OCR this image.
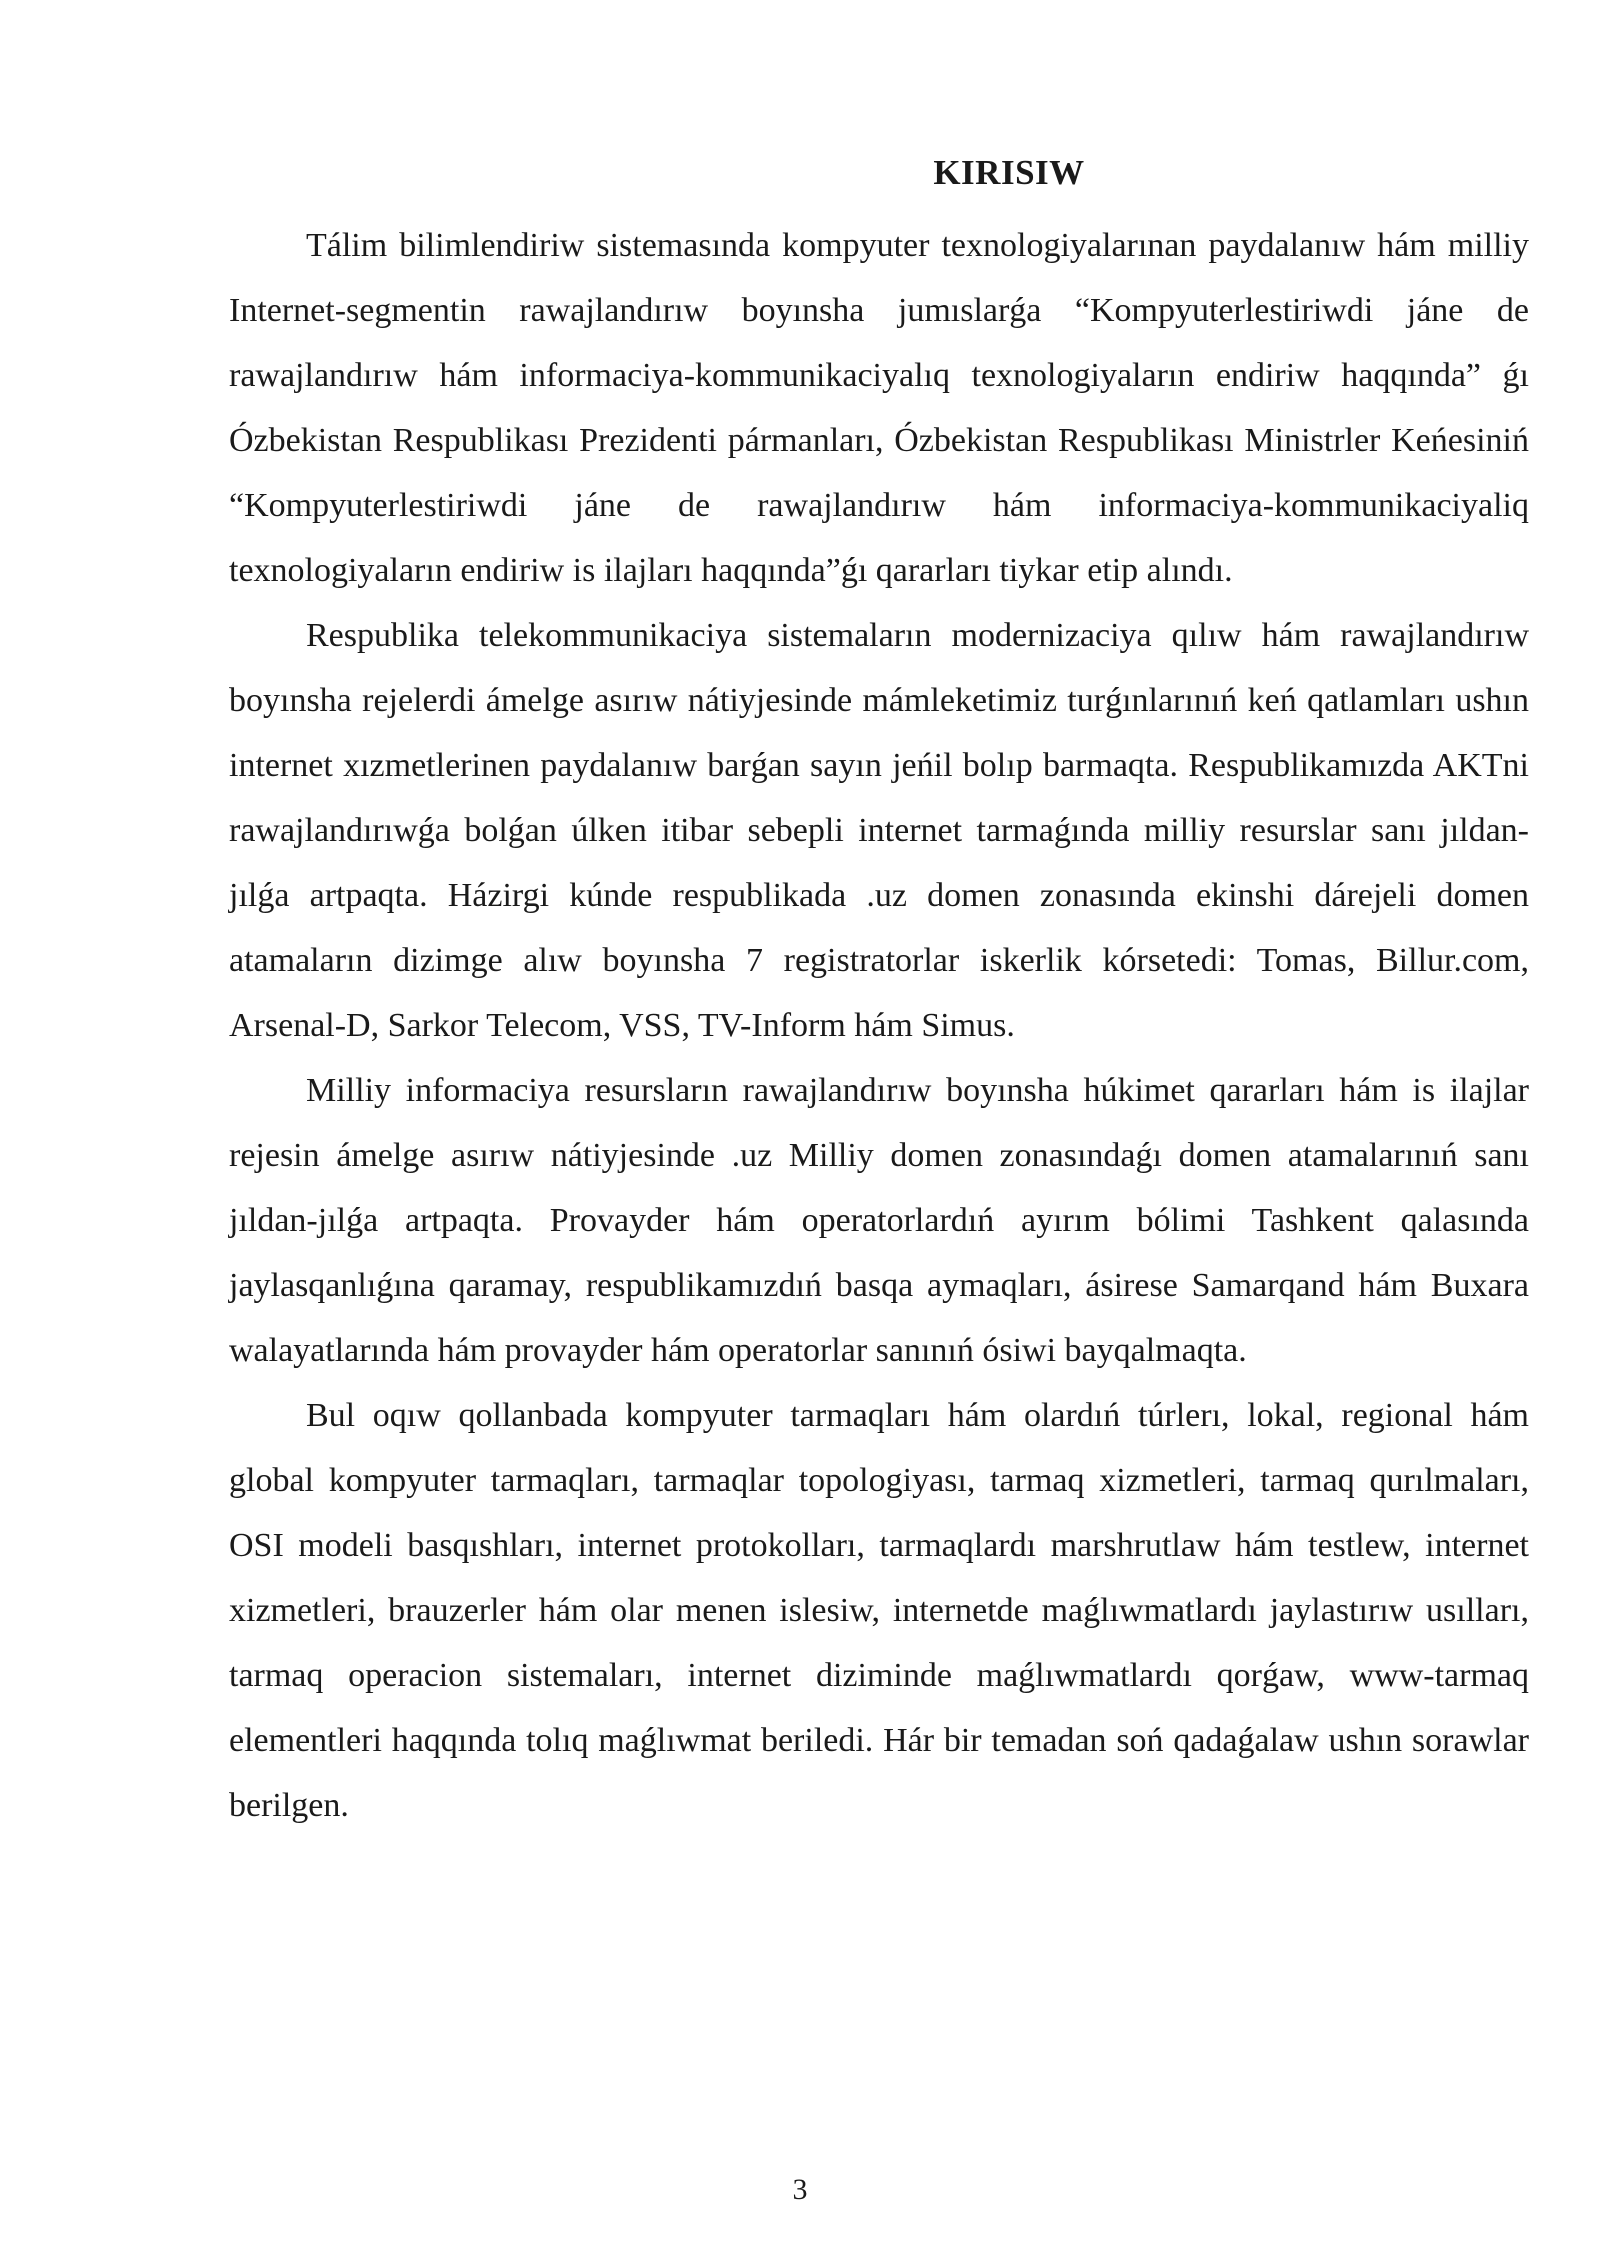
KIRISIW

Tálim bilimlendiriw sistemasında kompyuter texnologiyalarınan paydalanıw hám milliy Internet-segmentin rawajlandırıw boyınsha jumıslarǵa “Kompyuterlestiriwdi jáne de rawajlandırıw hám informaciya-kommunikaciyalıq texnologiyaların endiriw haqqında” ǵı Ózbekistan Respublikası Prezidenti pármanları, Ózbekistan Respublikası Ministrler Keńesiniń “Kompyuterlestiriwdi jáne de rawajlandırıw hám informaciya-kommunikaciyaliq texnologiyaların endiriw is ilajları haqqında”ǵı qararları tiykar etip alındı.

Respublika telekommunikaciya sistemaların modernizaciya qılıw hám rawajlandırıw boyınsha rejelerdi ámelge asırıw nátiyjesinde mámleketimiz turǵınlarınıń keń qatlamları ushın internet xızmetlerinen paydalanıw barǵan sayın jeńil bolıp barmaqta. Respublikamızda AKTni rawajlandırıwǵa bolǵan úlken itibar sebepli internet tarmaǵında milliy resurslar sanı jıldan-jılǵa artpaqta. Házirgi kúnde respublikada .uz domen zonasında ekinshi dárejeli domen atamaların dizimge alıw boyınsha 7 registratorlar iskerlik kórsetedi: Tomas, Billur.com, Arsenal-D, Sarkor Telecom, VSS, TV-Inform hám Simus.

Milliy informaciya resursların rawajlandırıw boyınsha húkimet qararları hám is ilajlar rejesin ámelge asırıw nátiyjesinde .uz Milliy domen zonasındaǵı domen atamalarınıń sanı jıldan-jılǵa artpaqta. Provayder hám operatorlardıń ayırım bólimi Tashkent qalasında jaylasqanlıǵına qaramay, respublikamızdıń basqa aymaqları, ásirese Samarqand hám Buxara walayatlarında hám provayder hám operatorlar sanınıń ósiwi bayqalmaqta.

Bul oqıw qollanbada kompyuter tarmaqları hám olardıń túrlerı, lokal, regional hám global kompyuter tarmaqları, tarmaqlar topologiyası, tarmaq xizmetleri, tarmaq qurılmaları, OSI modeli basqıshları, internet protokolları, tarmaqlardı marshrutlaw hám testlew, internet xizmetleri, brauzerler hám olar menen islesiw, internetde maǵlıwmatlardı jaylastırıw usılları, tarmaq operacion sistemaları, internet diziminde maǵlıwmatlardı qorǵaw, www-tarmaq elementleri haqqında tolıq maǵlıwmat beriledi. Hár bir temadan soń qadaǵalaw ushın sorawlar berilgen.

3
